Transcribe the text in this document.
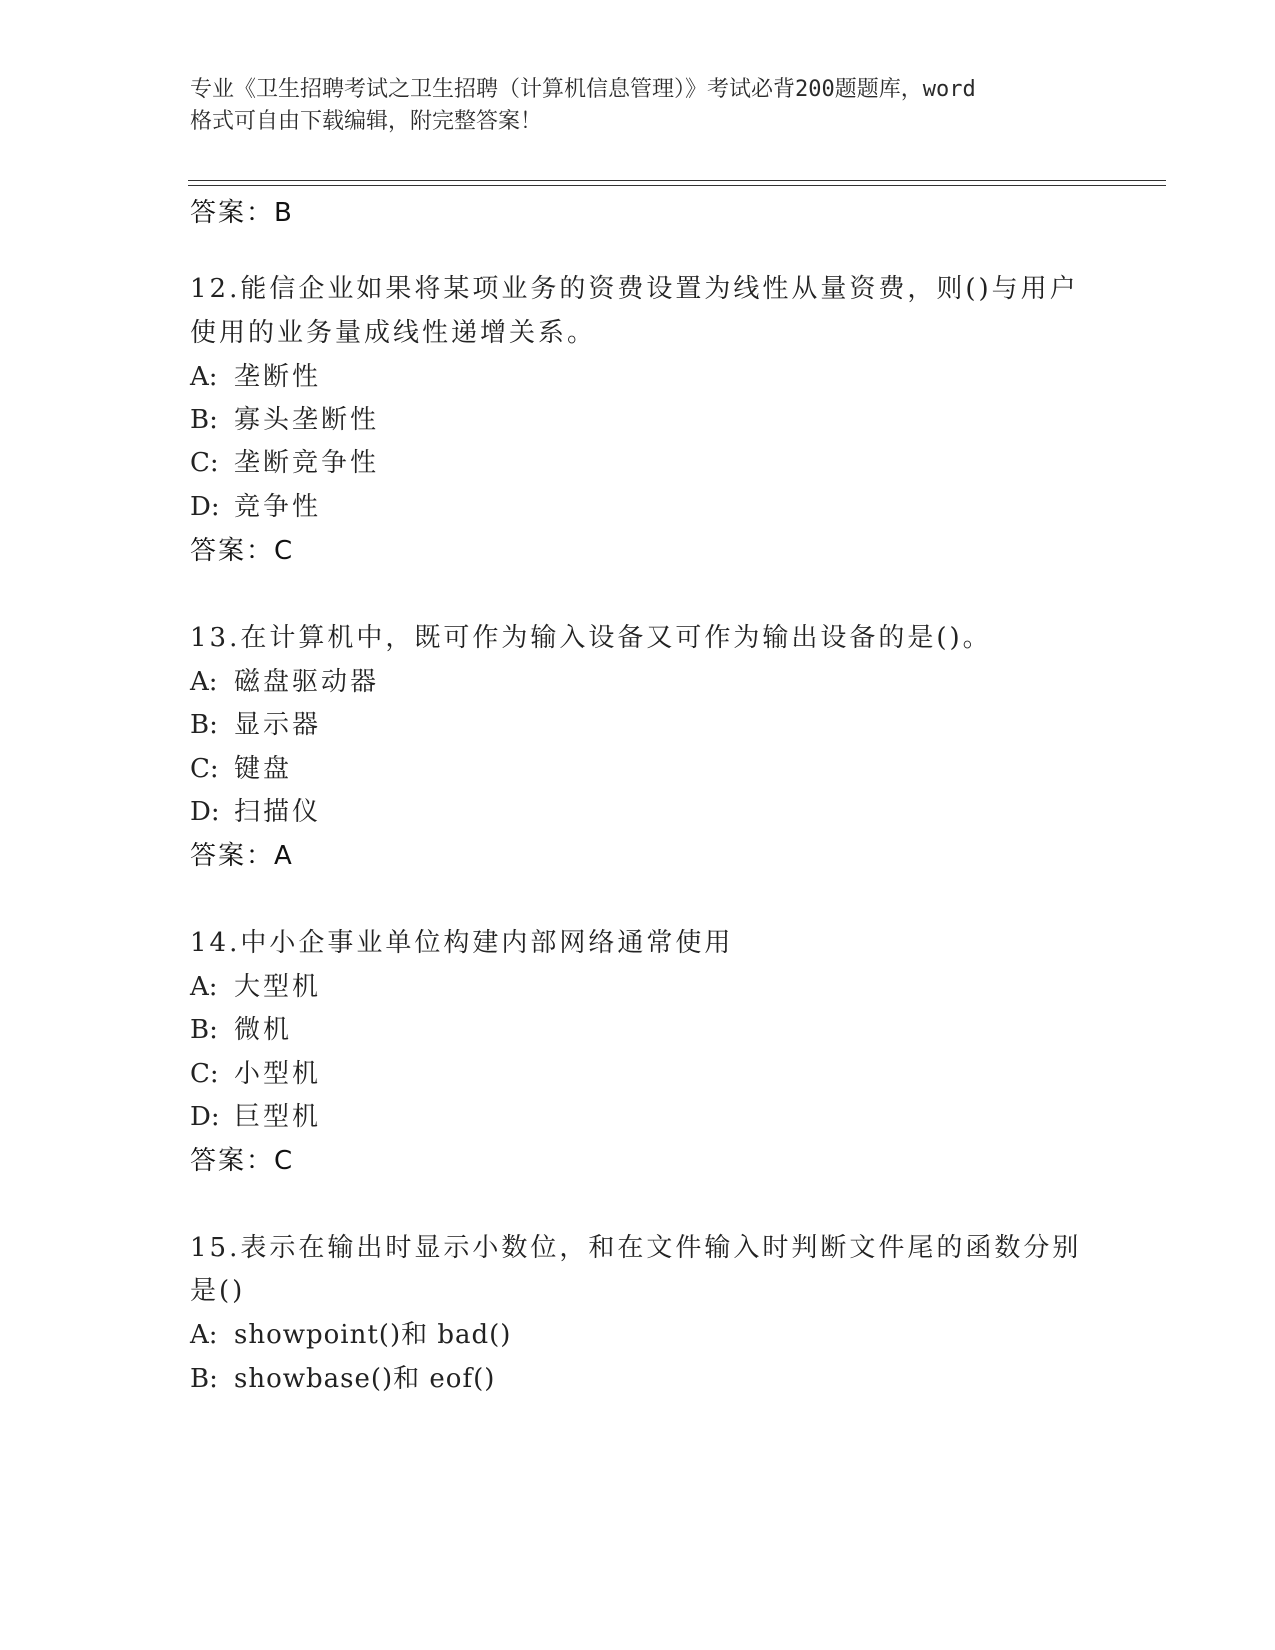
专业《卫生招聘考试之卫生招聘（计算机信息管理）》考试必背200题题库，word
格式可自由下载编辑，附完整答案！
答案：B
12.能信企业如果将某项业务的资费设置为线性从量资费，则()与用户
使用的业务量成线性递增关系。
A: 垄断性
B: 寡头垄断性
C: 垄断竞争性
D: 竞争性
答案：C
13.在计算机中，既可作为输入设备又可作为输出设备的是()。
A: 磁盘驱动器
B: 显示器
C: 键盘
D: 扫描仪
答案：A
14.中小企事业单位构建内部网络通常使用
A: 大型机
B: 微机
C: 小型机
D: 巨型机
答案：C
15.表示在输出时显示小数位，和在文件输入时判断文件尾的函数分别
是()
A: showpoint()和 bad()
B: showbase()和 eof()
